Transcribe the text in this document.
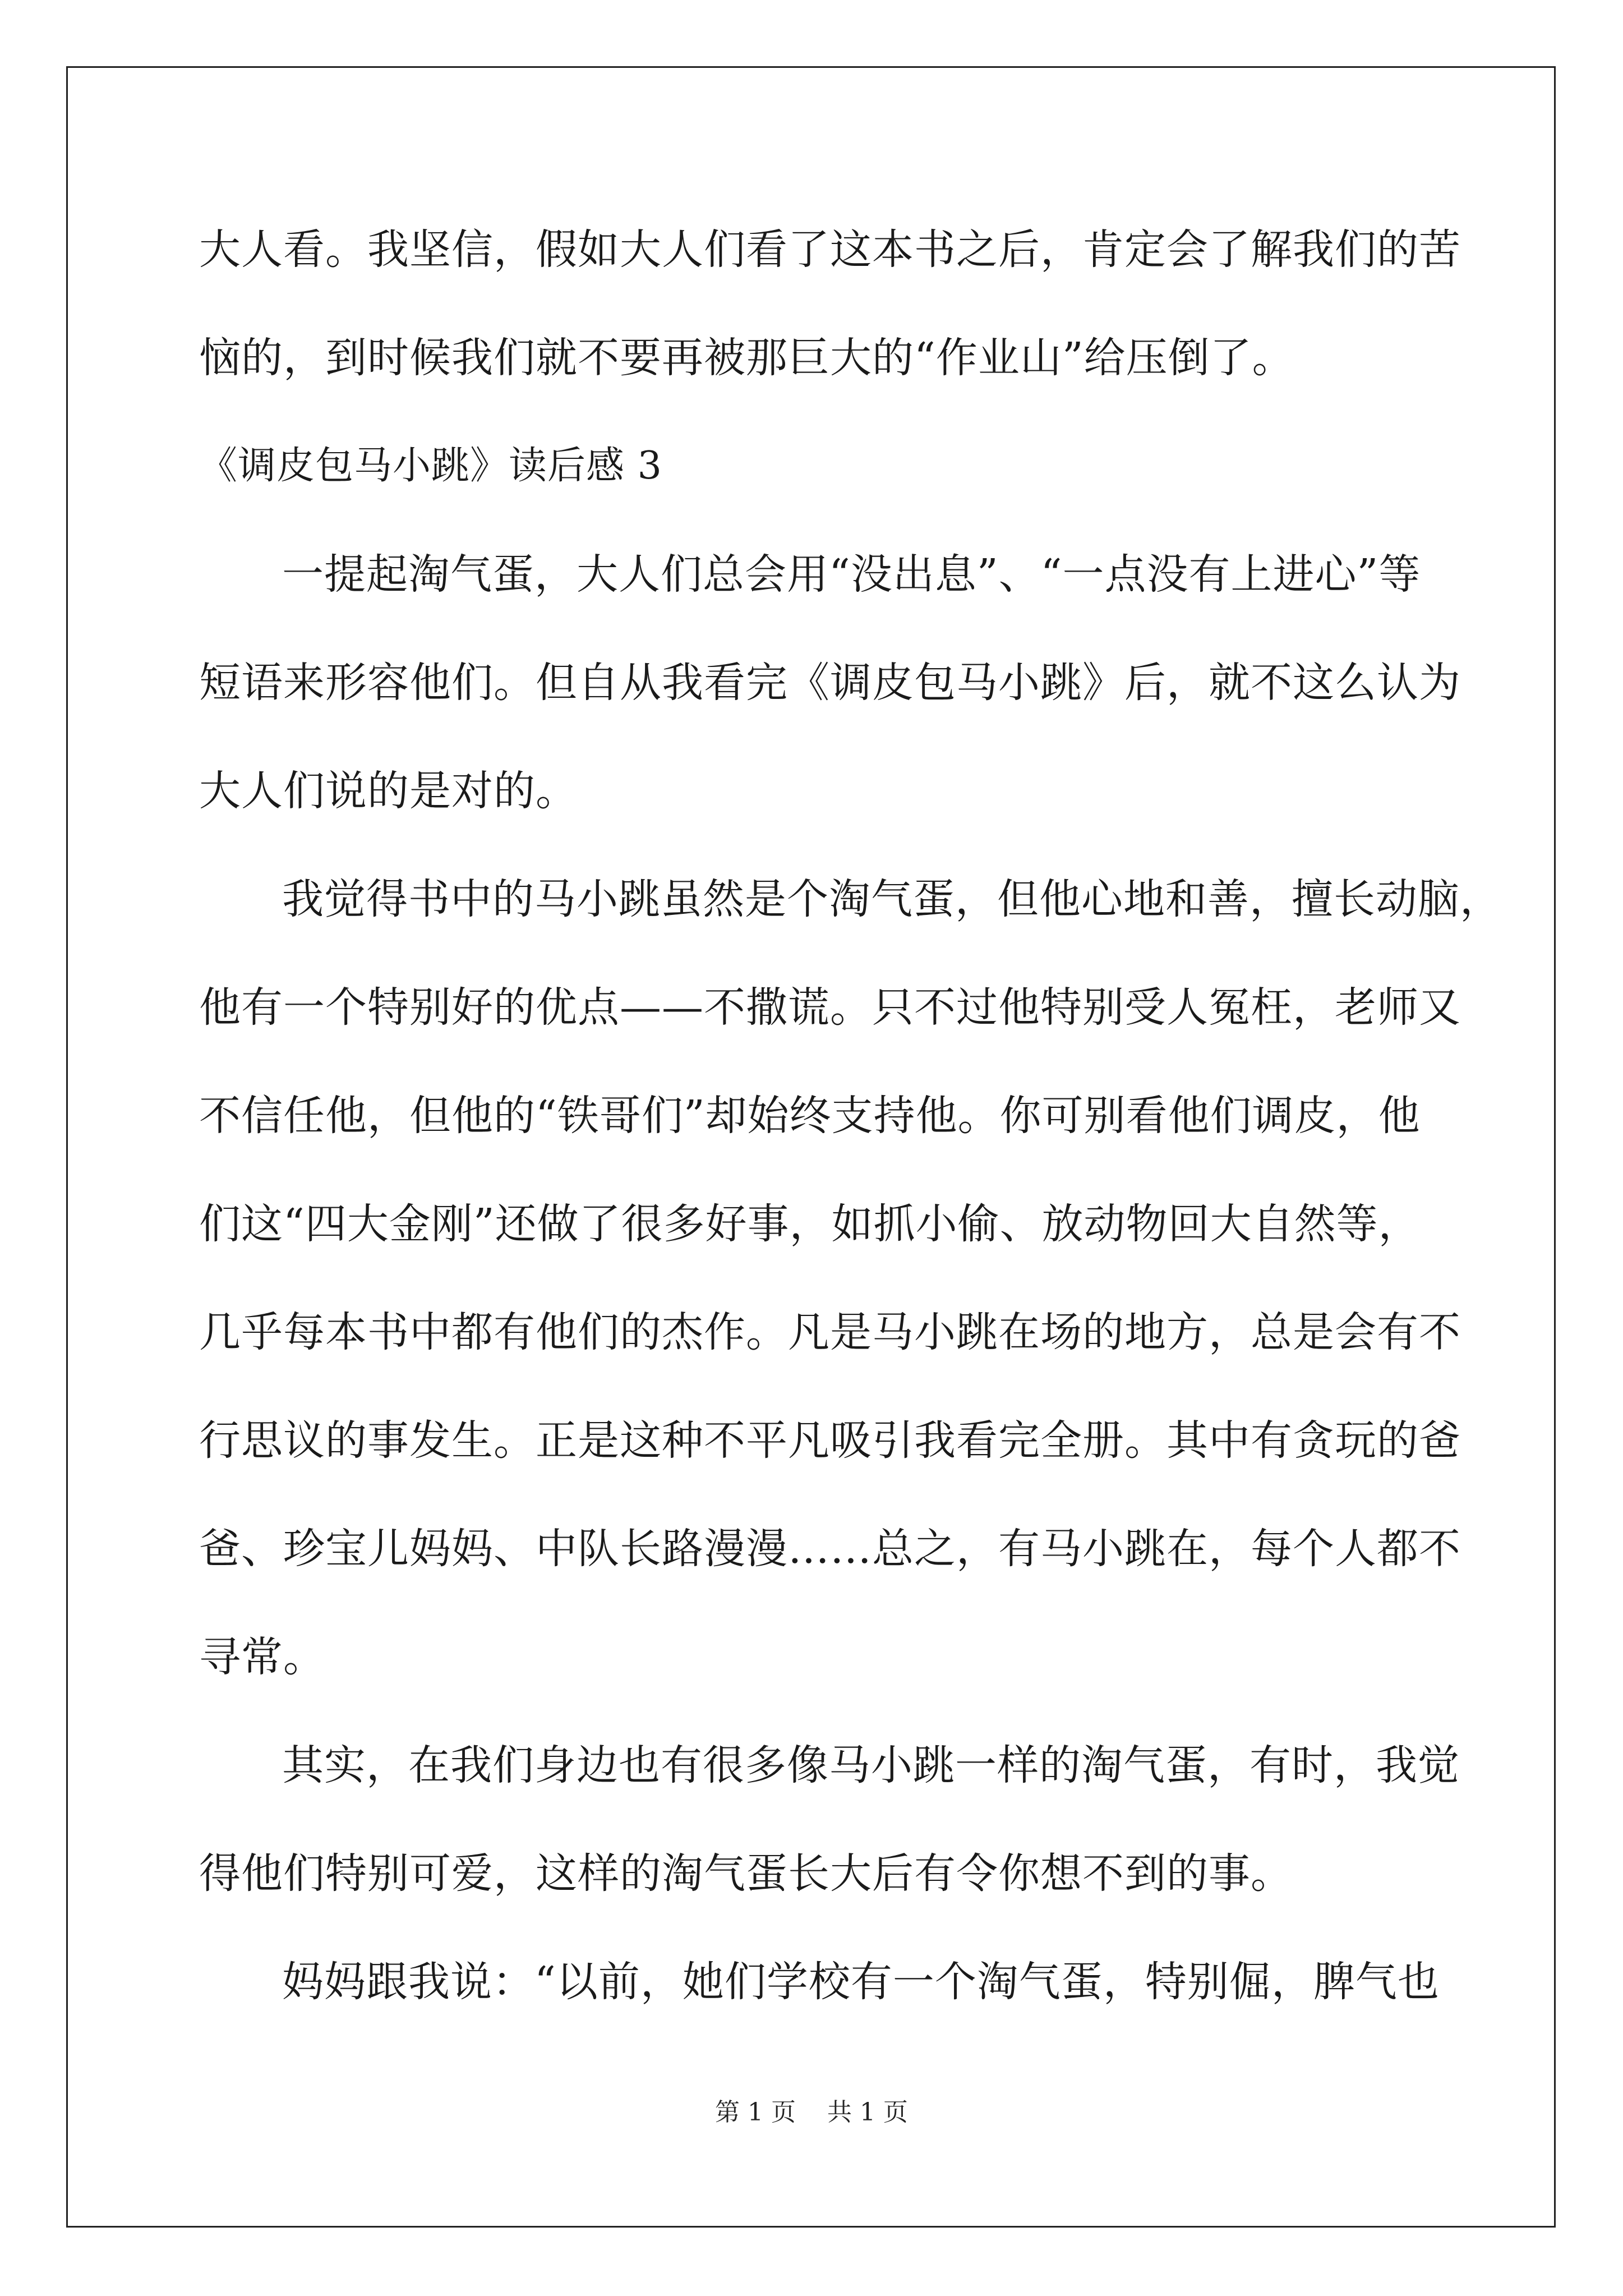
大人看。我坚信，假如大人们看了这本书之后，肯定会了解我们的苦
恼的，到时候我们就不要再被那巨大的“作业山”给压倒了。
《调皮包马小跳》读后感 3
一提起淘气蛋，大人们总会用“没出息”、“一点没有上进心”等
短语来形容他们。但自从我看完《调皮包马小跳》后，就不这么认为
大人们说的是对的。
我觉得书中的马小跳虽然是个淘气蛋，但他心地和善，擅长动脑，
他有一个特别好的优点——不撒谎。只不过他特别受人冤枉，老师又
不信任他，但他的“铁哥们”却始终支持他。你可别看他们调皮，他
们这“四大金刚”还做了很多好事，如抓小偷、放动物回大自然等，
几乎每本书中都有他们的杰作。凡是马小跳在场的地方，总是会有不
行思议的事发生。正是这种不平凡吸引我看完全册。其中有贪玩的爸
爸、珍宝儿妈妈、中队长路漫漫……总之，有马小跳在，每个人都不
寻常。
其实，在我们身边也有很多像马小跳一样的淘气蛋，有时，我觉
得他们特别可爱，这样的淘气蛋长大后有令你想不到的事。
妈妈跟我说：“以前，她们学校有一个淘气蛋，特别倔，脾气也
第 1 页 共 1 页
